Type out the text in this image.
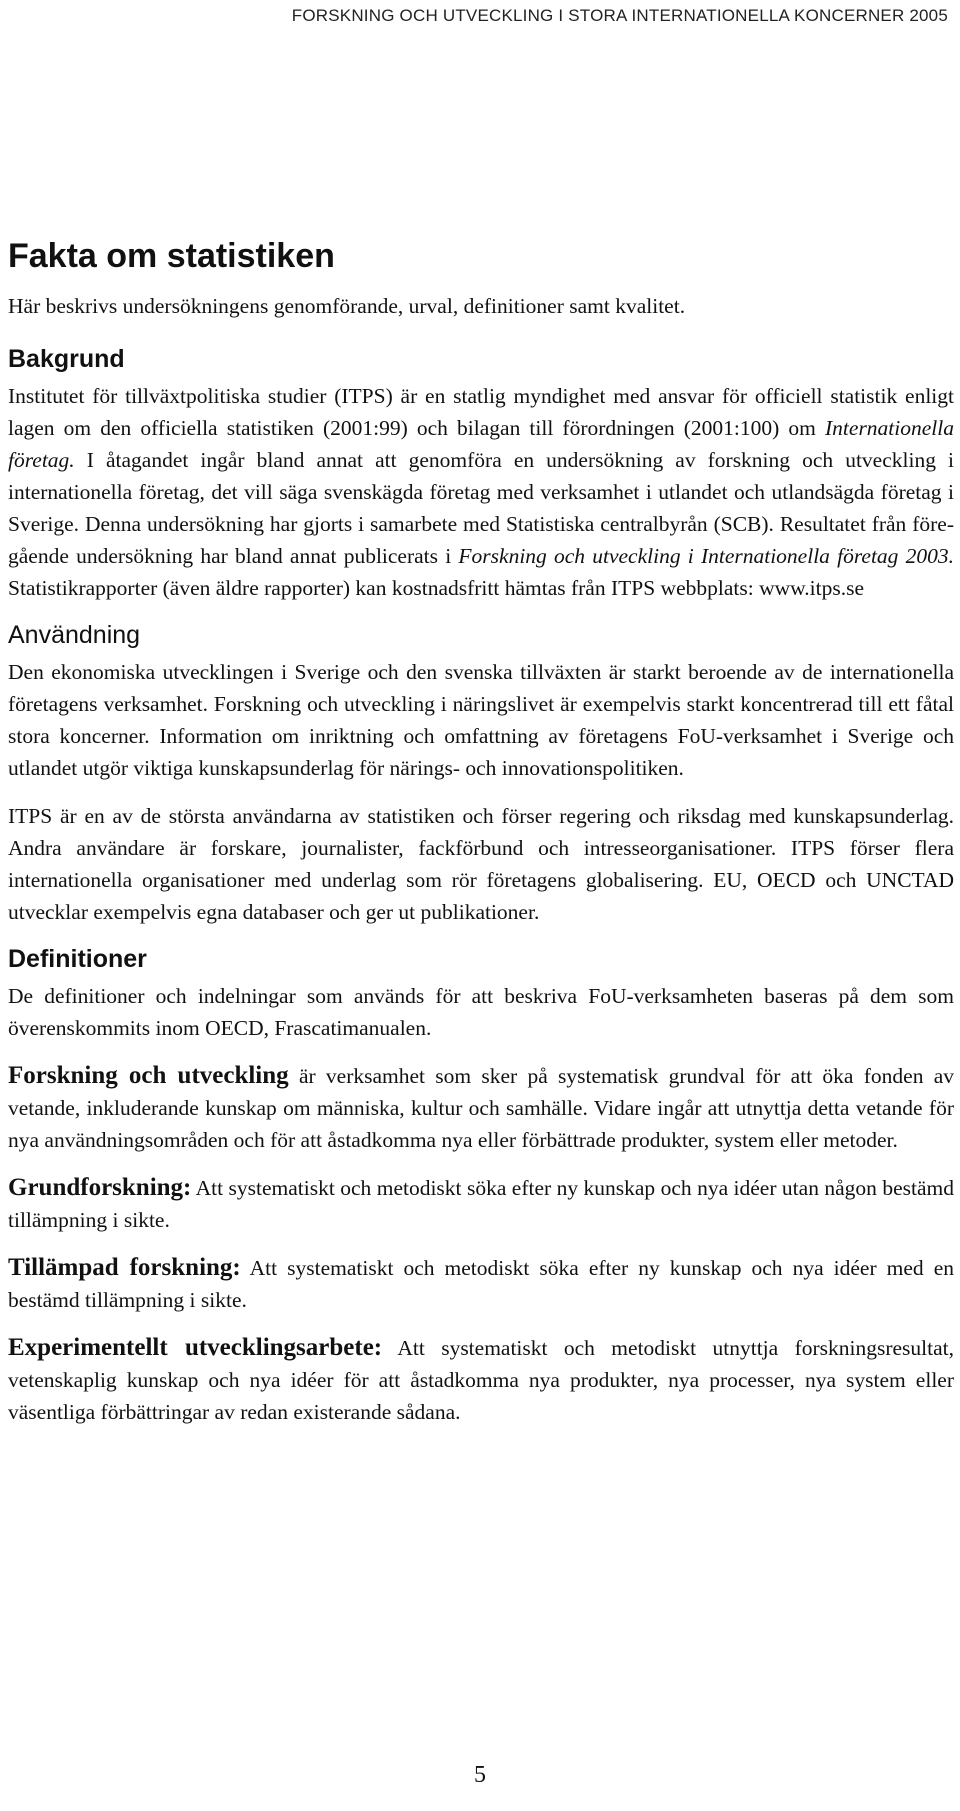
FORSKNING OCH UTVECKLING I STORA INTERNATIONELLA KONCERNER 2005
Fakta om statistiken

Här beskrivs undersökningens genomförande, urval, definitioner samt kvalitet.

Bakgrund

Institutet för tillväxtpolitiska studier (ITPS) är en statlig myndighet med ansvar för officiell statistik enligt lagen om den officiella statistiken (2001:99) och bilagan till förordningen (2001:100) om Internationella företag. I åtagandet ingår bland annat att genomföra en undersökning av forskning och utveckling i internationella företag, det vill säga svenskägda företag med verksamhet i utlandet och utlandsägda företag i Sverige. Denna undersökning har gjorts i samarbete med Statistiska centralbyrån (SCB). Resultatet från föregående undersökning har bland annat publicerats i Forskning och utveckling i Internationella företag 2003. Statistikrapporter (även äldre rapporter) kan kostnadsfritt hämtas från ITPS webbplats: www.itps.se

Användning

Den ekonomiska utvecklingen i Sverige och den svenska tillväxten är starkt beroende av de internationella företagens verksamhet. Forskning och utveckling i näringslivet är exempelvis starkt koncentrerad till ett fåtal stora koncerner. Information om inriktning och omfattning av företagens FoU-verksamhet i Sverige och utlandet utgör viktiga kunskapsunderlag för närings- och innovationspolitiken.

ITPS är en av de största användarna av statistiken och förser regering och riksdag med kunskapsunderlag. Andra användare är forskare, journalister, fackförbund och intresseorganisationer. ITPS förser flera internationella organisationer med underlag som rör företagens globalisering. EU, OECD och UNCTAD utvecklar exempelvis egna databaser och ger ut publikationer.

Definitioner

De definitioner och indelningar som används för att beskriva FoU-verksamheten baseras på dem som överenskommits inom OECD, Frascatimanualen.

Forskning och utveckling är verksamhet som sker på systematisk grundval för att öka fonden av vetande, inkluderande kunskap om människa, kultur och samhälle. Vidare ingår att utnyttja detta vetande för nya användningsområden och för att åstadkomma nya eller förbättrade produkter, system eller metoder.

Grundforskning: Att systematiskt och metodiskt söka efter ny kunskap och nya idéer utan någon bestämd tillämpning i sikte.

Tillämpad forskning: Att systematiskt och metodiskt söka efter ny kunskap och nya idéer med en bestämd tillämpning i sikte.

Experimentellt utvecklingsarbete: Att systematiskt och metodiskt utnyttja forskningsresultat, vetenskaplig kunskap och nya idéer för att åstadkomma nya produkter, nya processer, nya system eller väsentliga förbättringar av redan existerande sådana.

5
